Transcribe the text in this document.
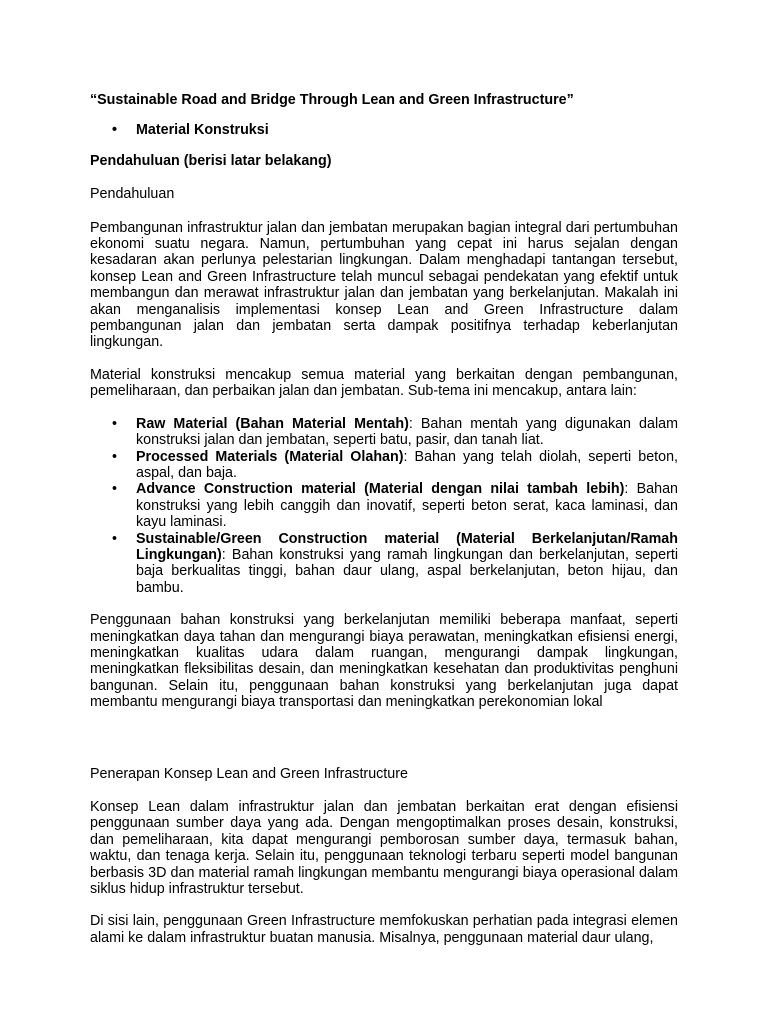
“Sustainable Road and Bridge Through Lean and Green Infrastructure”
• Material Konstruksi
Pendahuluan (berisi latar belakang)
Pendahuluan

Pembangunan infrastruktur jalan dan jembatan merupakan bagian integral dari pertumbuhan ekonomi suatu negara. Namun, pertumbuhan yang cepat ini harus sejalan dengan kesadaran akan perlunya pelestarian lingkungan. Dalam menghadapi tantangan tersebut, konsep Lean and Green Infrastructure telah muncul sebagai pendekatan yang efektif untuk membangun dan merawat infrastruktur jalan dan jembatan yang berkelanjutan. Makalah ini akan menganalisis implementasi konsep Lean and Green Infrastructure dalam pembangunan jalan dan jembatan serta dampak positifnya terhadap keberlanjutan lingkungan.

Material konstruksi mencakup semua material yang berkaitan dengan pembangunan, pemeliharaan, dan perbaikan jalan dan jembatan. Sub-tema ini mencakup, antara lain:

• Raw Material (Bahan Material Mentah): Bahan mentah yang digunakan dalam konstruksi jalan dan jembatan, seperti batu, pasir, dan tanah liat.
• Processed Materials (Material Olahan): Bahan yang telah diolah, seperti beton, aspal, dan baja.
• Advance Construction material (Material dengan nilai tambah lebih): Bahan konstruksi yang lebih canggih dan inovatif, seperti beton serat, kaca laminasi, dan kayu laminasi.
• Sustainable/Green Construction material (Material Berkelanjutan/Ramah Lingkungan): Bahan konstruksi yang ramah lingkungan dan berkelanjutan, seperti baja berkualitas tinggi, bahan daur ulang, aspal berkelanjutan, beton hijau, dan bambu.

Penggunaan bahan konstruksi yang berkelanjutan memiliki beberapa manfaat, seperti meningkatkan daya tahan dan mengurangi biaya perawatan, meningkatkan efisiensi energi, meningkatkan kualitas udara dalam ruangan, mengurangi dampak lingkungan, meningkatkan fleksibilitas desain, dan meningkatkan kesehatan dan produktivitas penghuni bangunan. Selain itu, penggunaan bahan konstruksi yang berkelanjutan juga dapat membantu mengurangi biaya transportasi dan meningkatkan perekonomian lokal

Penerapan Konsep Lean and Green Infrastructure

Konsep Lean dalam infrastruktur jalan dan jembatan berkaitan erat dengan efisiensi penggunaan sumber daya yang ada. Dengan mengoptimalkan proses desain, konstruksi, dan pemeliharaan, kita dapat mengurangi pemborosan sumber daya, termasuk bahan, waktu, dan tenaga kerja. Selain itu, penggunaan teknologi terbaru seperti model bangunan berbasis 3D dan material ramah lingkungan membantu mengurangi biaya operasional dalam siklus hidup infrastruktur tersebut.

Di sisi lain, penggunaan Green Infrastructure memfokuskan perhatian pada integrasi elemen alami ke dalam infrastruktur buatan manusia. Misalnya, penggunaan material daur ulang,
